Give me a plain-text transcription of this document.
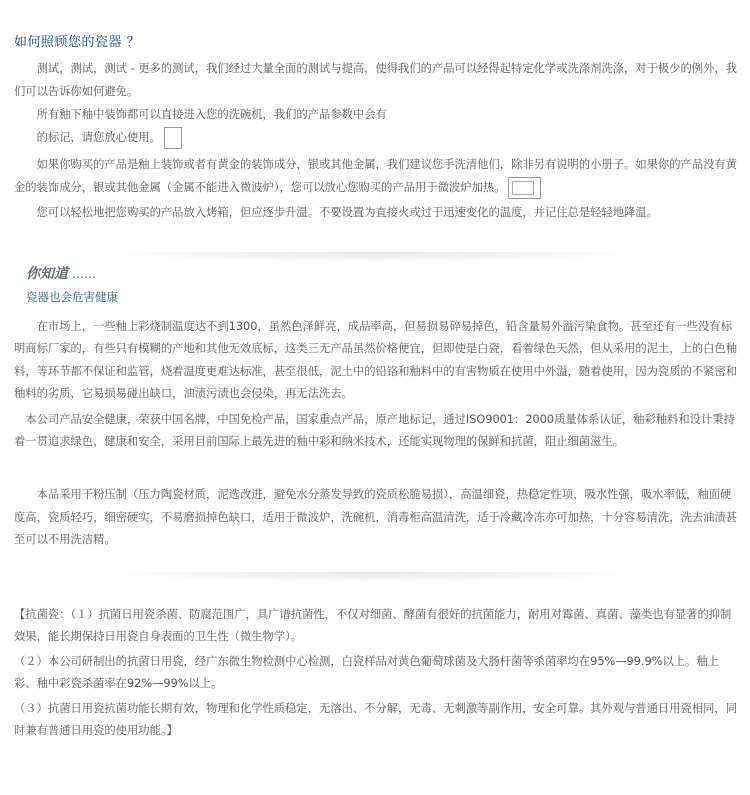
如何照顾您的瓷器 ？

　　测试，测试，测试 - 更多的测试，我们经过大量全面的测试与提高，使得我们的产品可以经得起特定化学或洗涤剂洗涤，对于极少的例外，我们可以告诉你如何避免。

　　所有釉下釉中装饰都可以直接进入您的洗碗机，我们的产品参数中会有

　　的标记，请您放心使用。
　　如果你购买的产品是釉上装饰或者有黄金的装饰成分，银或其他金属，我们建议您手洗清他们，除非另有说明的小册子。如果你的产品没有黄金的装饰成分，银或其他金属（金属不能进入微波炉），您可以放心您购买的产品用于微波炉加热。

　　您可以轻松地把您购买的产品放入烤箱，但应逐步升温。不要设置为直接火或过于迅速变化的温度，并记住总是轻轻地降温。

你知道 ……
瓷器也会危害健康

　　在市场上，一些釉上彩烧制温度达不到1300，虽然色泽鲜亮，成品率高，但易损易碎易掉色，铅含量易外溢污染食物。甚至还有一些没有标明商标厂家的，有些只有模糊的产地和其他无效底标，这类三无产品虽然价格便宜，但即使是白瓷，看着绿色天然，但从采用的泥土，上的白色釉料，等环节都不保证和监管，烧着温度更难达标准，甚至很低，泥土中的铅铬和釉料中的有害物质在使用中外溢，随着使用，因为瓷质的不紧密和釉料的劣质，它易损易碰出缺口，油渍污渍也会侵染，再无法洗去。

　本公司产品安全健康，荣获中国名牌，中国免检产品，国家重点产品，原产地标记，通过ISO9001：2000质量体系认证，釉彩釉料和设计秉持着一贯追求绿色，健康和安全，采用目前国际上最先进的釉中彩和纳米技术，还能实现物理的保鲜和抗菌，阻止细菌滋生。

　　本品采用干粉压制（压力陶瓷材质，泥选改进，避免水分蒸发导致的瓷质松脆易损），高温细瓷，热稳定性项，吸水性强，吸水率低，釉面硬度高，瓷质轻巧，细密硬实，不易磨损掉色缺口，适用于微波炉，洗碗机，消毒柜高温清洗，适于冷藏冷冻亦可加热，十分容易清洗，洗去油渍甚至可以不用洗洁精。

【抗菌瓷：（１）抗菌日用瓷杀菌、防腐范围广，具广谱抗菌性，不仅对细菌、酵菌有很好的抗菌能力，耐用对霉菌、真菌、藻类也有显著的抑制效果，能长期保持日用瓷自身表面的卫生性（微生物学）。

（２）本公司研制出的抗菌日用瓷，经广东微生物检测中心检测，白瓷样品对黄色葡萄球菌及大肠杆菌等杀菌率均在95%—99.9%以上。釉上彩、釉中彩瓷杀菌率在92%—99%以上。

（３）抗菌日用瓷抗菌功能长期有效，物理和化学性质稳定，无溶出、不分解，无毒、无刺激等副作用，安全可靠。其外观与普通日用瓷相同，同时兼有普通日用瓷的使用功能。】
